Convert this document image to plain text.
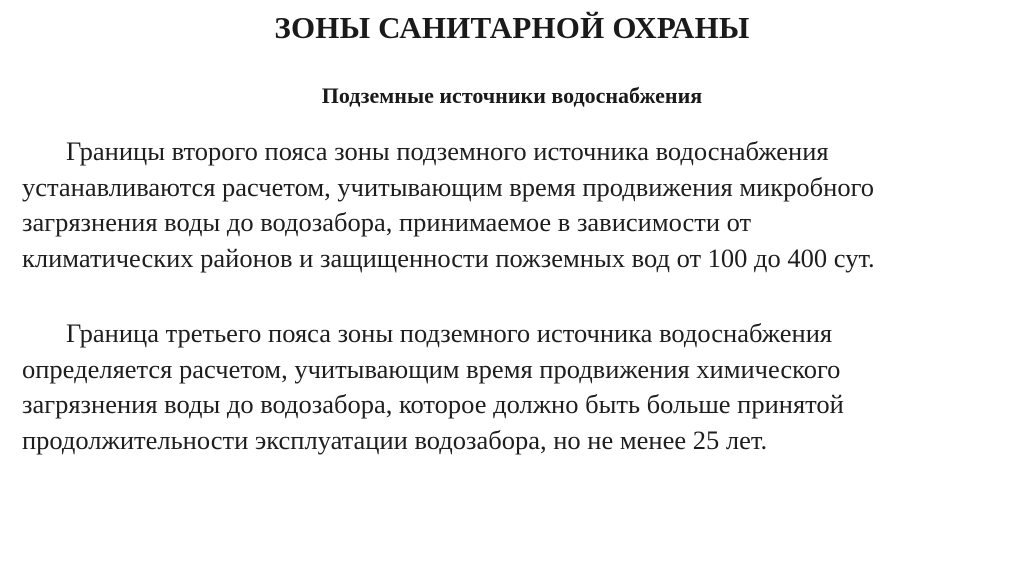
ЗОНЫ САНИТАРНОЙ ОХРАНЫ
Подземные источники водоснабжения

Границы второго пояса зоны подземного источника водоснабжения
устанавливаются расчетом, учитывающим время продвижения микробного
загрязнения воды до водозабора, принимаемое в зависимости от
климатических районов и защищенности пожземных вод от 100 до 400 сут.

Граница третьего пояса зоны подземного источника водоснабжения
определяется расчетом, учитывающим время продвижения химического
загрязнения воды до водозабора, которое должно быть больше принятой
продолжительности эксплуатации водозабора, но не менее 25 лет.
